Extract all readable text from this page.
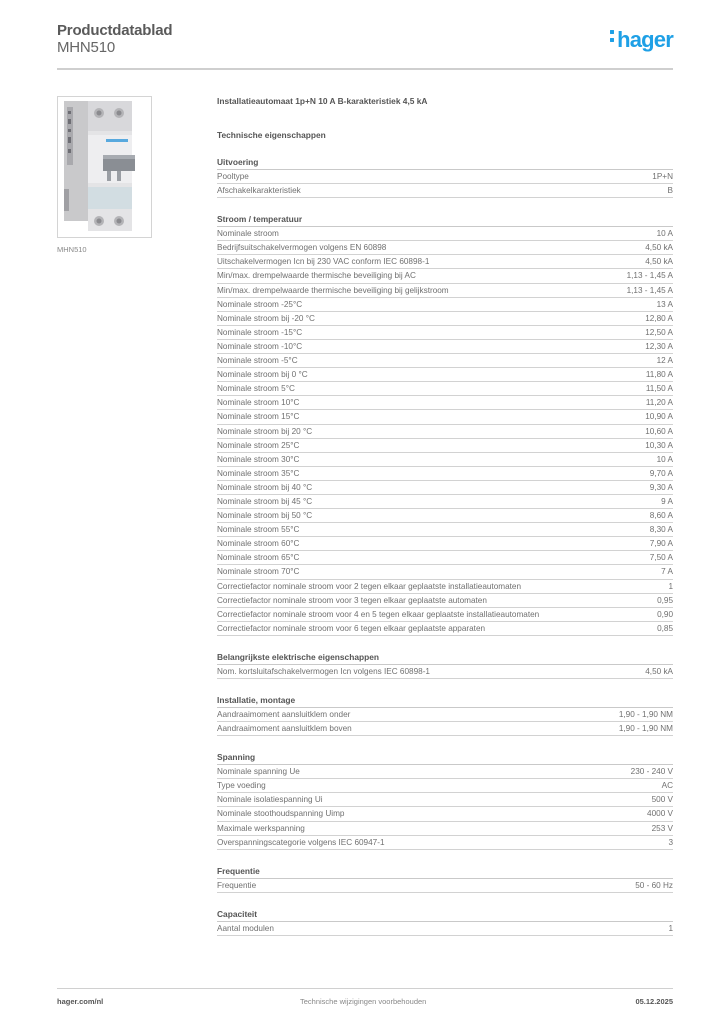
Productdatablad
MHN510	hager
MHN510
Installatieautomaat 1p+N 10 A B-karakteristiek 4,5 kA
Technische eigenschappen
Uitvoering
Pooltype	1P+N
Afschakelkarakteristiek	B
Stroom / temperatuur
Nominale stroom	10 A
Bedrijfsuitschakelvermogen volgens EN 60898	4,50 kA
Uitschakelvermogen Icn bij 230 VAC conform IEC 60898-1	4,50 kA
Min/max. drempelwaarde thermische beveiliging bij AC	1,13 - 1,45 A
Min/max. drempelwaarde thermische beveiliging bij gelijkstroom	1,13 - 1,45 A
Nominale stroom -25°C	13 A
Nominale stroom bij -20 °C	12,80 A
Nominale stroom -15°C	12,50 A
Nominale stroom -10°C	12,30 A
Nominale stroom -5°C	12 A
Nominale stroom bij 0 °C	11,80 A
Nominale stroom 5°C	11,50 A
Nominale stroom 10°C	11,20 A
Nominale stroom 15°C	10,90 A
Nominale stroom bij 20 °C	10,60 A
Nominale stroom 25°C	10,30 A
Nominale stroom 30°C	10 A
Nominale stroom 35°C	9,70 A
Nominale stroom bij 40 °C	9,30 A
Nominale stroom bij 45 °C	9 A
Nominale stroom bij 50 °C	8,60 A
Nominale stroom 55°C	8,30 A
Nominale stroom 60°C	7,90 A
Nominale stroom 65°C	7,50 A
Nominale stroom 70°C	7 A
Correctiefactor nominale stroom voor 2 tegen elkaar geplaatste installatieautomaten	1
Correctiefactor nominale stroom voor 3 tegen elkaar geplaatste automaten	0,95
Correctiefactor nominale stroom voor 4 en 5 tegen elkaar geplaatste installatieautomaten	0,90
Correctiefactor nominale stroom voor 6 tegen elkaar geplaatste apparaten	0,85
Belangrijkste elektrische eigenschappen
Nom. kortsluitafschakelvermogen Icn volgens IEC 60898-1	4,50 kA
Installatie, montage
Aandraaimoment aansluitklem onder	1,90 - 1,90 NM
Aandraaimoment aansluitklem boven	1,90 - 1,90 NM
Spanning
Nominale spanning Ue	230 - 240 V
Type voeding	AC
Nominale isolatiespanning Ui	500 V
Nominale stoothoudspanning Uimp	4000 V
Maximale werkspanning	253 V
Overspanningscategorie volgens IEC 60947-1	3
Frequentie
Frequentie	50 - 60 Hz
Capaciteit
Aantal modulen	1
hager.com/nl	Technische wijzigingen voorbehouden	05.12.2025
